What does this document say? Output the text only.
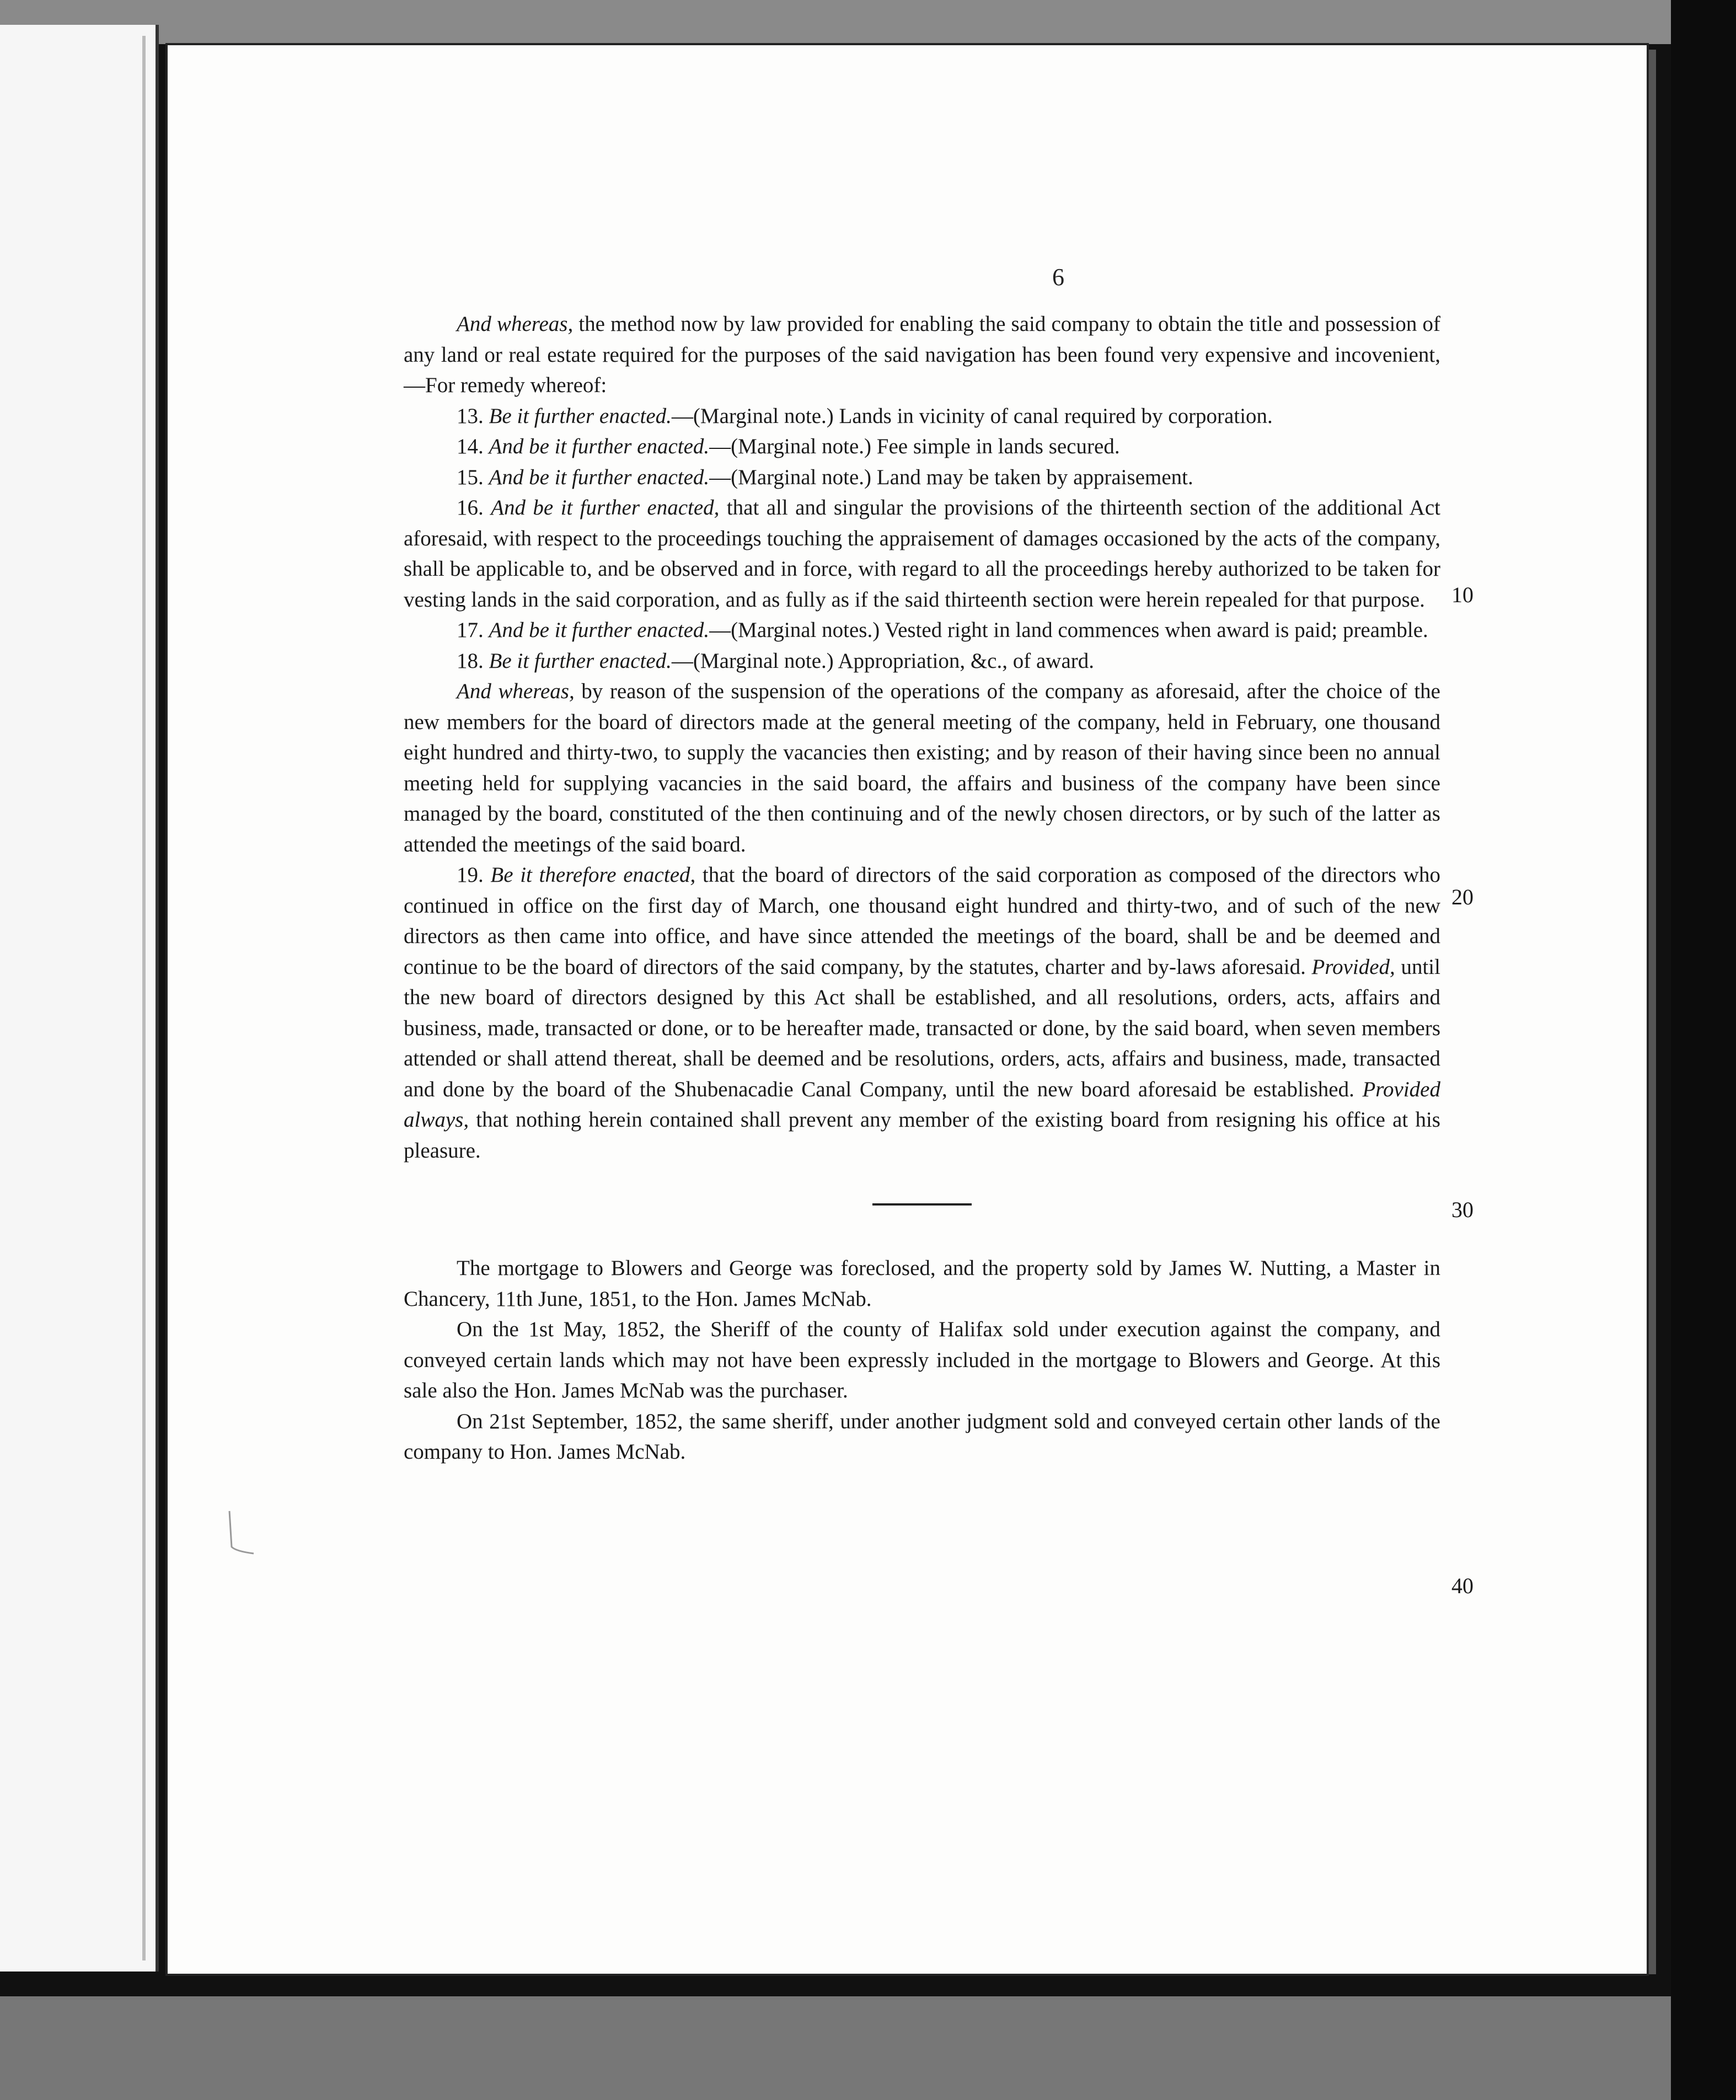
6

And whereas, the method now by law provided for enabling the said company to obtain the title and possession of any land or real estate required for the purposes of the said navigation has been found very expensive and incovenient,—For remedy whereof:

13. Be it further enacted.—(Marginal note.) Lands in vicinity of canal required by corporation.

14. And be it further enacted.—(Marginal note.) Fee simple in lands secured.

15. And be it further enacted.—(Marginal note.) Land may be taken by appraisement.

16. And be it further enacted, that all and singular the provisions of the thirteenth section of the additional Act aforesaid, with respect to the proceedings touching the appraisement of damages occasioned by the acts of the company, shall be applicable to, and be observed and in force, with regard to all the proceedings hereby authorized to be taken for vesting lands in the said corporation, and as fully as if the said thirteenth section were herein repealed for that purpose.

17. And be it further enacted.—(Marginal notes.) Vested right in land commences when award is paid; preamble.

18. Be it further enacted.—(Marginal note.) Appropriation, &c., of award.

And whereas, by reason of the suspension of the operations of the company as aforesaid, after the choice of the new members for the board of directors made at the general meeting of the company, held in February, one thousand eight hundred and thirty-two, to supply the vacancies then existing; and by reason of their having since been no annual meeting held for supplying vacancies in the said board, the affairs and business of the company have been since managed by the board, constituted of the then continuing and of the newly chosen directors, or by such of the latter as attended the meetings of the said board.

19. Be it therefore enacted, that the board of directors of the said corporation as composed of the directors who continued in office on the first day of March, one thousand eight hundred and thirty-two, and of such of the new directors as then came into office, and have since attended the meetings of the board, shall be and be deemed and continue to be the board of directors of the said company, by the statutes, charter and by-laws aforesaid. Provided, until the new board of directors designed by this Act shall be established, and all resolutions, orders, acts, affairs and business, made, transacted or done, or to be hereafter made, transacted or done, by the said board, when seven members attended or shall attend thereat, shall be deemed and be resolutions, orders, acts, affairs and business, made, transacted and done by the board of the Shubenacadie Canal Company, until the new board aforesaid be established. Provided always, that nothing herein contained shall prevent any member of the existing board from resigning his office at his pleasure.

The mortgage to Blowers and George was foreclosed, and the property sold by James W. Nutting, a Master in Chancery, 11th June, 1851, to the Hon. James McNab.

On the 1st May, 1852, the Sheriff of the county of Halifax sold under execution against the company, and conveyed certain lands which may not have been expressly included in the mortgage to Blowers and George. At this sale also the Hon. James McNab was the purchaser.

On 21st September, 1852, the same sheriff, under another judgment sold and conveyed certain other lands of the company to Hon. James McNab.

10
20
30
40
